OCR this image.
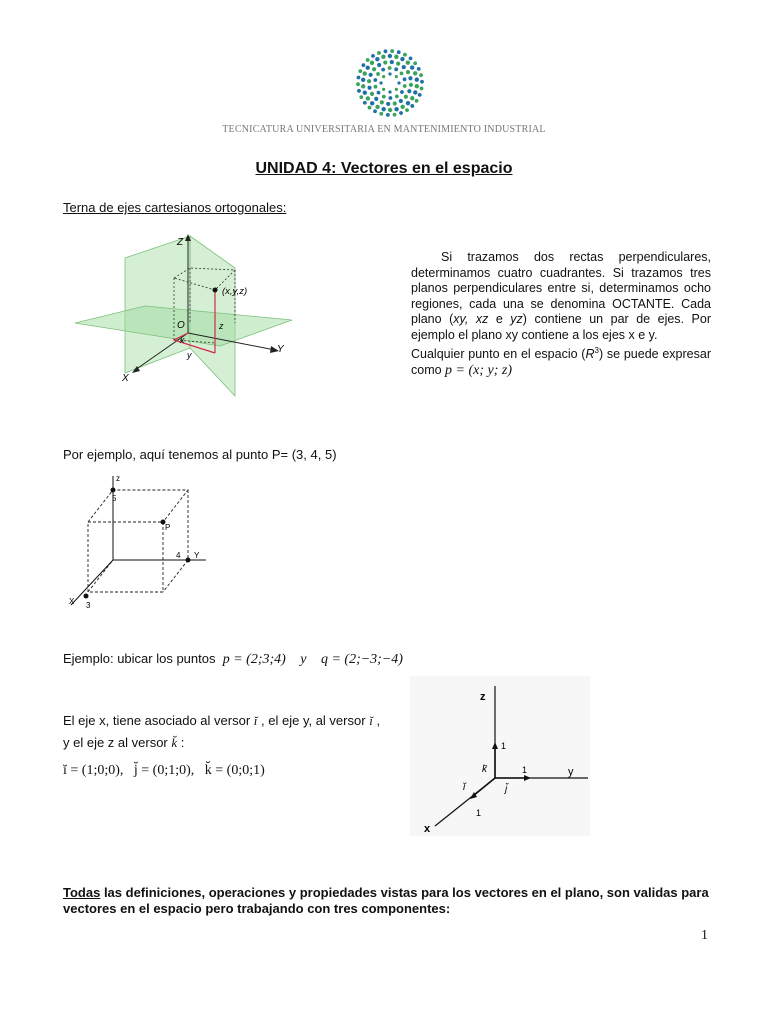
TECNICATURA UNIVERSITARIA EN MANTENIMIENTO INDUSTRIAL
UNIDAD 4: Vectores en el espacio
Terna de ejes cartesianos ortogonales:
Z
Y
X
O
(x,y,z)
x
y
z

Si trazamos dos rectas perpendiculares, determinamos cuatro cuadrantes. Si trazamos tres planos perpendiculares entre si, determinamos ocho regiones, cada una se denomina OCTANTE. Cada plano (xy, xz e yz) contiene un par de ejes. Por ejemplo el plano xy contiene a los ejes x e y.

Cualquier punto en el espacio $(R^3)$ se puede expresar como p = (x; y; z)

Por ejemplo, aquí tenemos al punto P= (3, 4, 5)
z
5
Y
4
X 3
P
Ejemplo: ubicar los puntos p = (2;3;4) y q = (2;−3;−4)
El eje x, tiene asociado al versor ĭ , el eje y, al versor ĭ , y el eje z al versor k̆ :
ĭ = (1;0;0), j̆ = (0;1;0), k̆ = (0;0;1)
z
y
x
1
1
1
k̆
j̆
ĭ
Todas las definiciones, operaciones y propiedades vistas para los vectores en el plano, son validas para vectores en el espacio pero trabajando con tres componentes:
1
